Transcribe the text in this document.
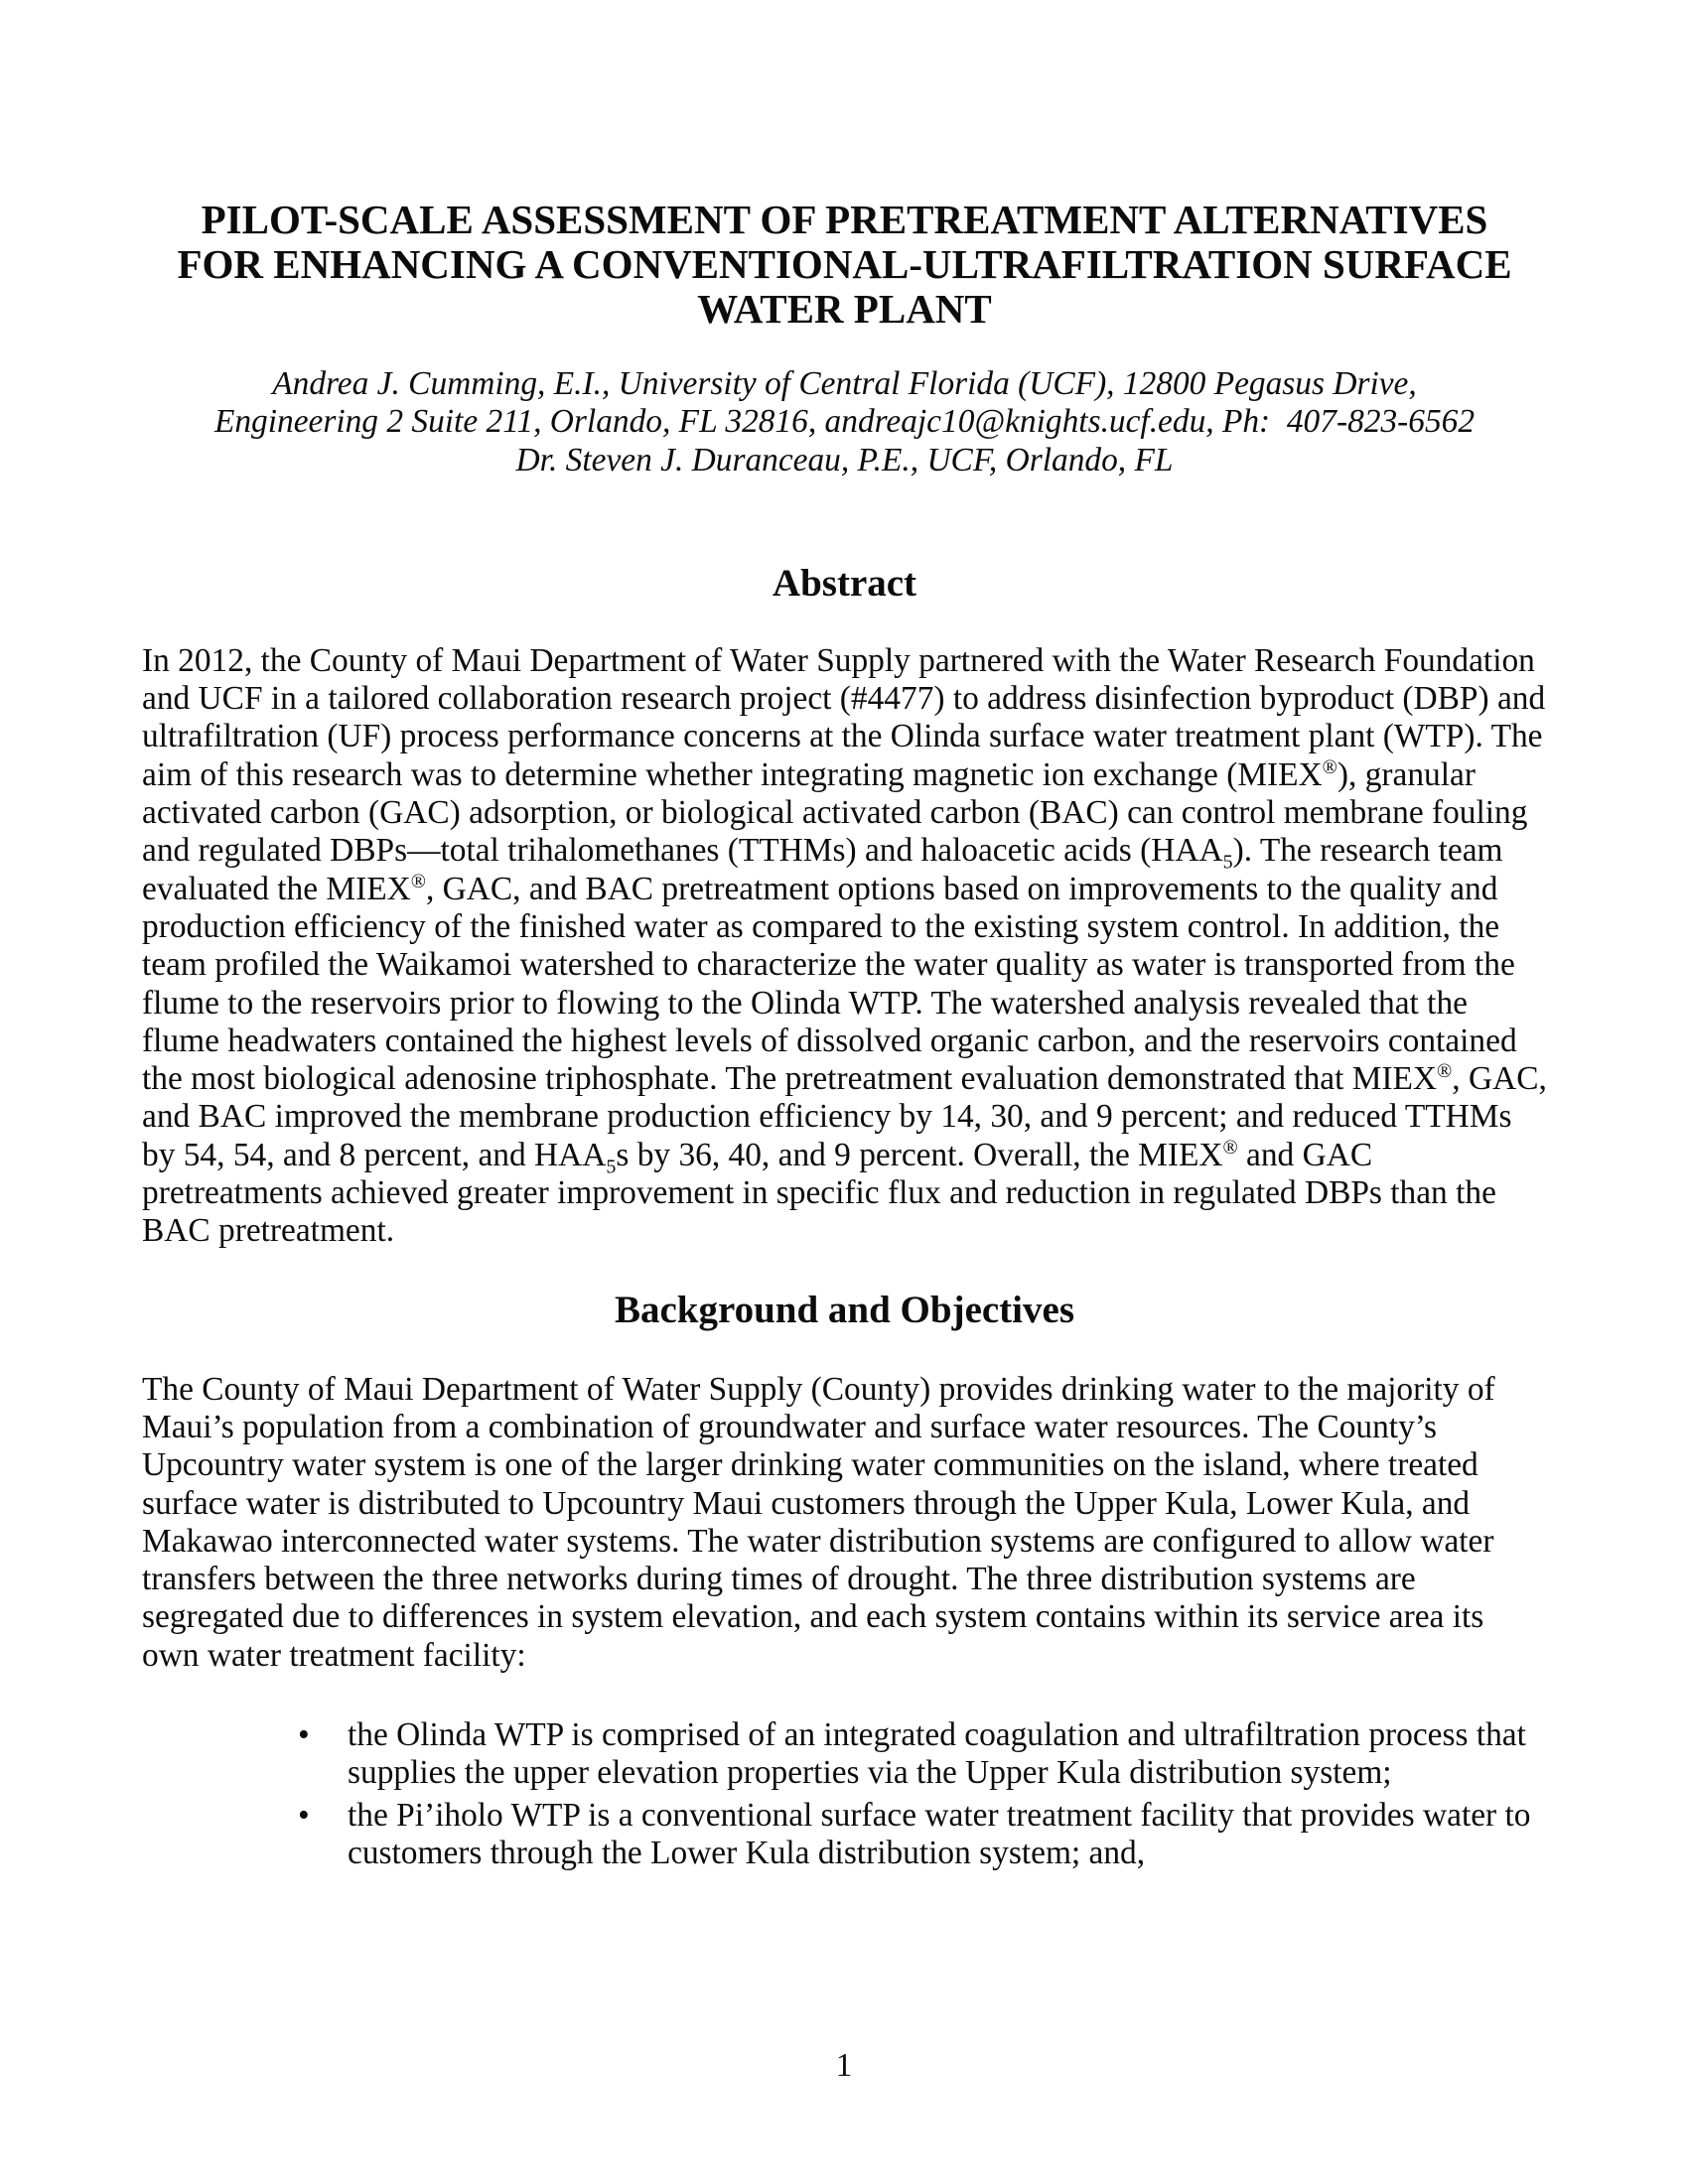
PILOT-SCALE ASSESSMENT OF PRETREATMENT ALTERNATIVES
FOR ENHANCING A CONVENTIONAL-ULTRAFILTRATION SURFACE
WATER PLANT
Andrea J. Cumming, E.I., University of Central Florida (UCF), 12800 Pegasus Drive,
Engineering 2 Suite 211, Orlando, FL 32816, andreajc10@knights.ucf.edu, Ph:  407-823-6562
Dr. Steven J. Duranceau, P.E., UCF, Orlando, FL
Abstract

In 2012, the County of Maui Department of Water Supply partnered with the Water Research Foundation and UCF in a tailored collaboration research project (#4477) to address disinfection byproduct (DBP) and ultrafiltration (UF) process performance concerns at the Olinda surface water treatment plant (WTP). The aim of this research was to determine whether integrating magnetic ion exchange (MIEX®), granular activated carbon (GAC) adsorption, or biological activated carbon (BAC) can control membrane fouling and regulated DBPs—total trihalomethanes (TTHMs) and haloacetic acids $(HAA_5)$. The research team evaluated the MIEX®, GAC, and BAC pretreatment options based on improvements to the quality and production efficiency of the finished water as compared to the existing system control. In addition, the team profiled the Waikamoi watershed to characterize the water quality as water is transported from the flume to the reservoirs prior to flowing to the Olinda WTP. The watershed analysis revealed that the flume headwaters contained the highest levels of dissolved organic carbon, and the reservoirs contained the most biological adenosine triphosphate. The pretreatment evaluation demonstrated that MIEX®, GAC, and BAC improved the membrane production efficiency by 14, 30, and 9 percent; and reduced TTHMs by 54, 54, and 8 percent, and $HAA_5s$ by 36, 40, and 9 percent. Overall, the MIEX® and GAC pretreatments achieved greater improvement in specific flux and reduction in regulated DBPs than the BAC pretreatment.

Background and Objectives

The County of Maui Department of Water Supply (County) provides drinking water to the majority of Maui’s population from a combination of groundwater and surface water resources. The County’s Upcountry water system is one of the larger drinking water communities on the island, where treated surface water is distributed to Upcountry Maui customers through the Upper Kula, Lower Kula, and Makawao interconnected water systems. The water distribution systems are configured to allow water transfers between the three networks during times of drought. The three distribution systems are segregated due to differences in system elevation, and each system contains within its service area its own water treatment facility:

•	the Olinda WTP is comprised of an integrated coagulation and ultrafiltration process that supplies the upper elevation properties via the Upper Kula distribution system;
•	the Pi’iholo WTP is a conventional surface water treatment facility that provides water to customers through the Lower Kula distribution system; and,
1
